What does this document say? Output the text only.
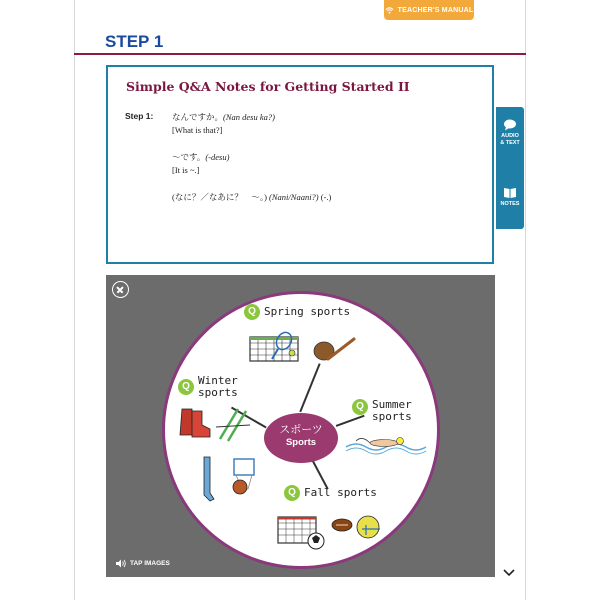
TEACHER'S MANUAL
STEP 1
Simple Q&A Notes for Getting Started II
Step 1: なんですか。(Nan desu ka?)
[What is that?]
〜です。(-desu)
[It is ~.]
(なに？／なあに？　〜。) (Nani/Naani?) (-.)
AUDIO & TEXT
NOTES
スポーツ
Sports
Q Spring sports
Q Winter sports
Q Summer sports
Q Fall sports
TAP IMAGES
